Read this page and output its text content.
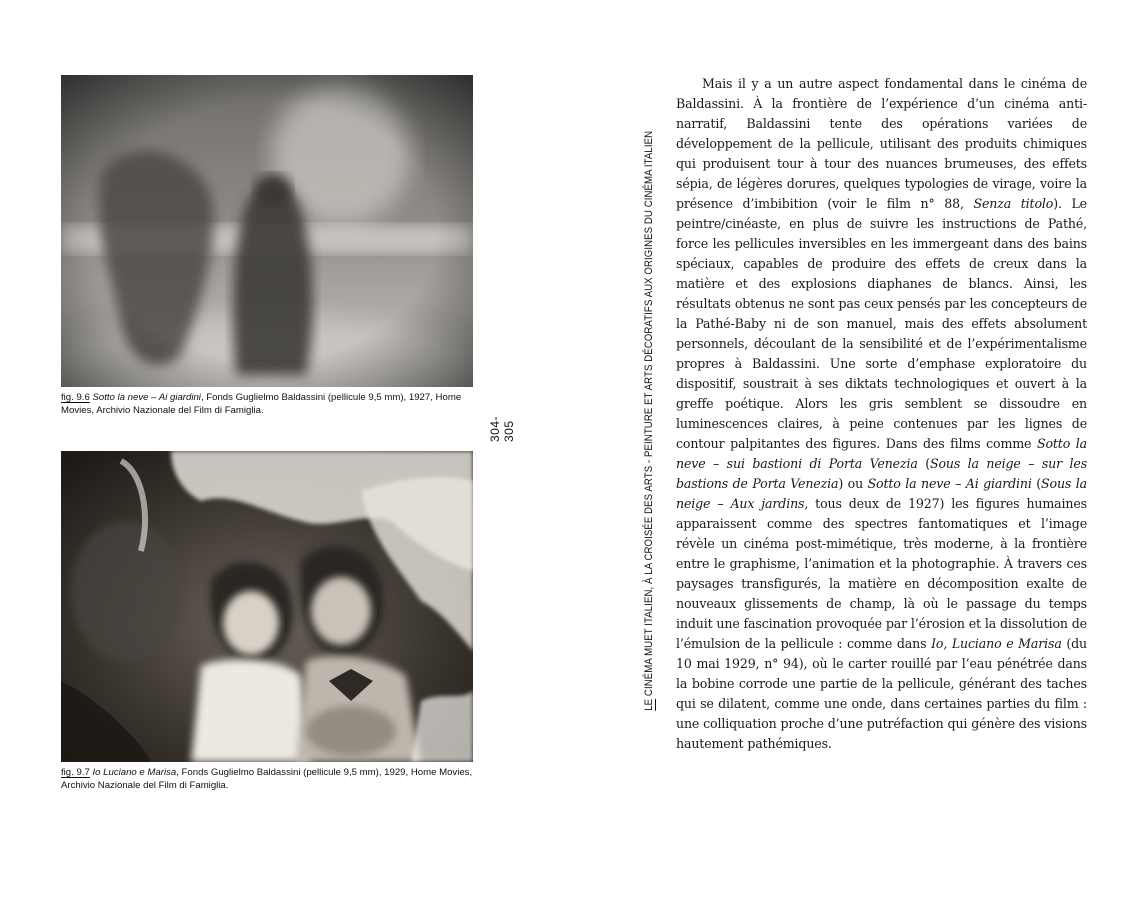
fig. 9.6 Sotto la neve – Ai giardini, Fonds Guglielmo Baldassini (pellicule 9,5 mm), 1927, Home Movies, Archivio Nazionale del Film di Famiglia.
fig. 9.7 Io Luciano e Marisa, Fonds Guglielmo Baldassini (pellicule 9,5 mm), 1929, Home Movies, Archivio Nazionale del Film di Famiglia.
304-305
LE CINÉMA MUET ITALIEN, À LA CROISÉE DES ARTS - PEINTURE ET ARTS DÉCORATIFS AUX ORIGINES DU CINÉMA ITALIEN

Mais il y a un autre aspect fondamental dans le cinéma de Baldassini. À la frontière de l’expérience d’un cinéma anti-narratif, Baldassini tente des opérations variées de développement de la pellicule, utilisant des produits chimiques qui produisent tour à tour des nuances brumeuses, des effets sépia, de légères dorures, quelques typologies de virage, voire la présence d’imbibition (voir le film n° 88, Senza titolo). Le peintre/cinéaste, en plus de suivre les instructions de Pathé, force les pellicules inversibles en les immergeant dans des bains spéciaux, capables de produire des effets de creux dans la matière et des explosions diaphanes de blancs. Ainsi, les résultats obtenus ne sont pas ceux pensés par les concepteurs de la Pathé-Baby ni de son manuel, mais des effets absolument personnels, découlant de la sensibilité et de l’expérimentalisme propres à Baldassini. Une sorte d’emphase exploratoire du dispositif, soustrait à ses diktats technologiques et ouvert à la greffe poétique. Alors les gris semblent se dissoudre en luminescences claires, à peine contenues par les lignes de contour palpitantes des figures. Dans des films comme Sotto la neve – sui bastioni di Porta Venezia (Sous la neige – sur les bastions de Porta Venezia) ou Sotto la neve – Ai giardini (Sous la neige – Aux jardins, tous deux de 1927) les figures humaines apparaissent comme des spectres fantomatiques et l’image révèle un cinéma post-mimétique, très moderne, à la frontière entre le graphisme, l’animation et la photographie. À travers ces paysages transfigurés, la matière en décomposition exalte de nouveaux glissements de champ, là où le passage du temps induit une fascination provoquée par l’érosion et la dissolution de l’émulsion de la pellicule : comme dans Io, Luciano e Marisa (du 10 mai 1929, n° 94), où le carter rouillé par l’eau pénétrée dans la bobine corrode une partie de la pellicule, générant des taches qui se dilatent, comme une onde, dans certaines parties du film : une colliquation proche d’une putréfaction qui génère des visions hautement pathémiques.
